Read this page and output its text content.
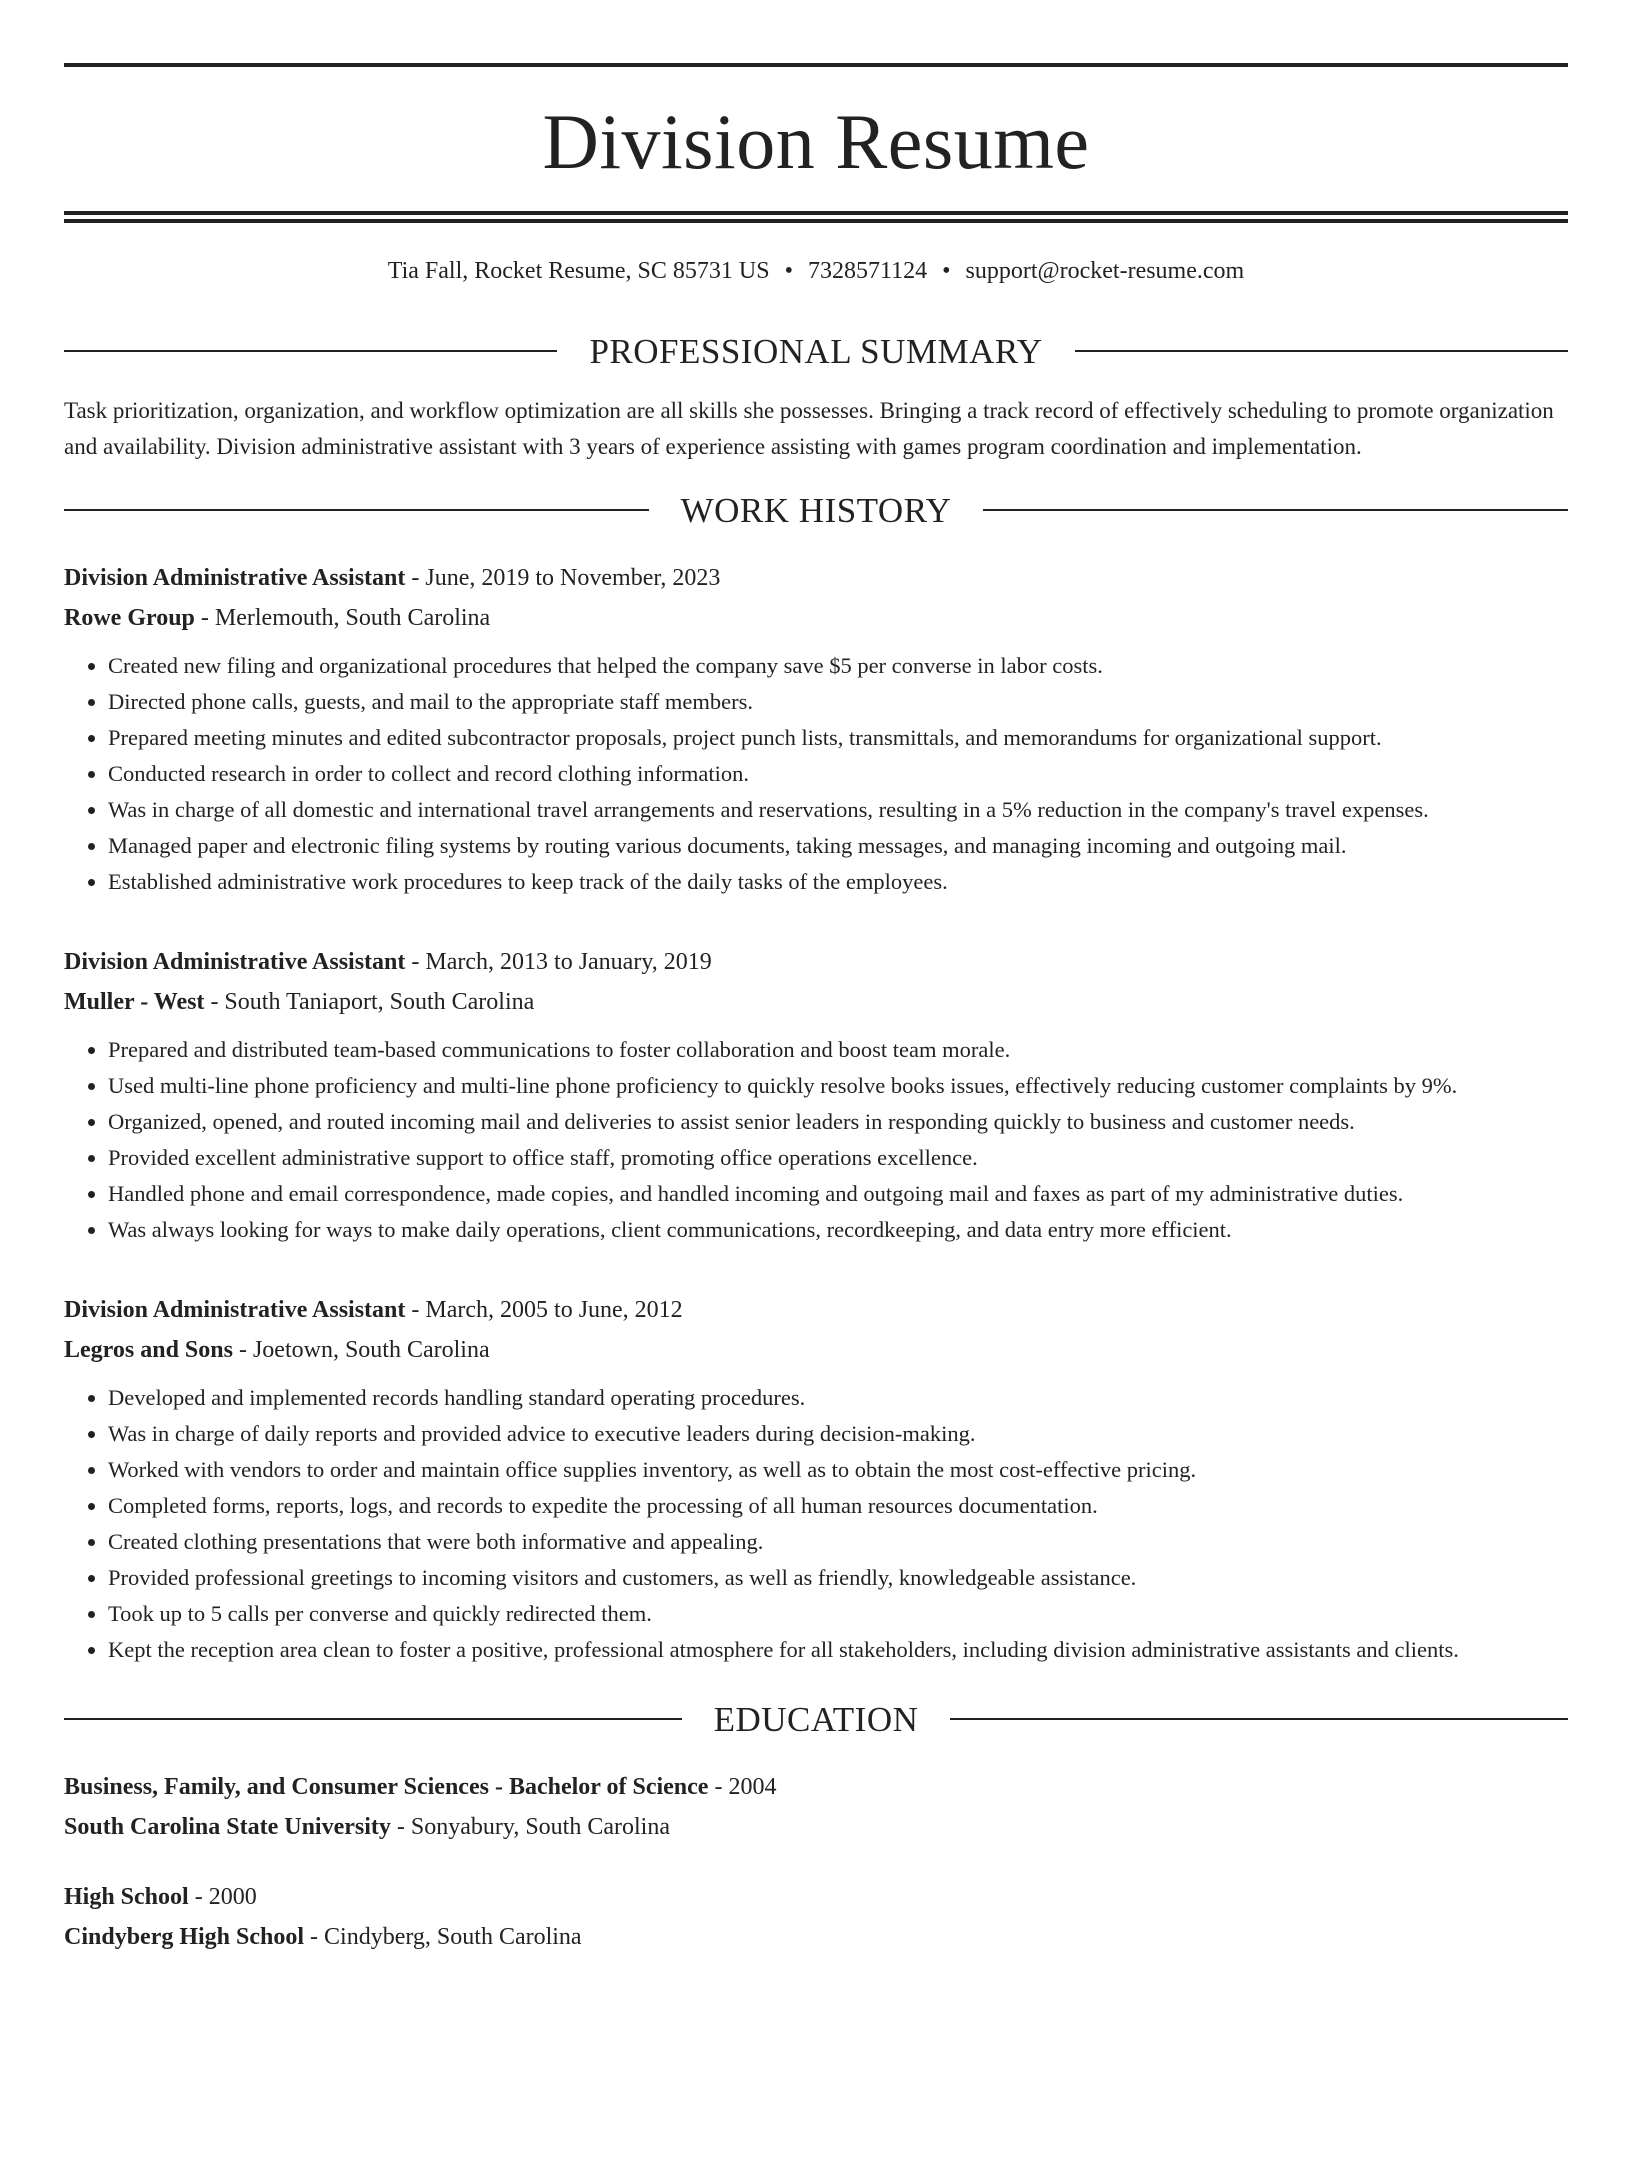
Division Resume
Tia Fall, Rocket Resume, SC 85731 US • 7328571124 • support@rocket-resume.com
PROFESSIONAL SUMMARY

Task prioritization, organization, and workflow optimization are all skills she possesses. Bringing a track record of effectively scheduling to promote organization and availability. Division administrative assistant with 3 years of experience assisting with games program coordination and implementation.

WORK HISTORY
Division Administrative Assistant - June, 2019 to November, 2023
Rowe Group - Merlemouth, South Carolina
• Created new filing and organizational procedures that helped the company save $5 per converse in labor costs.
• Directed phone calls, guests, and mail to the appropriate staff members.
• Prepared meeting minutes and edited subcontractor proposals, project punch lists, transmittals, and memorandums for organizational support.
• Conducted research in order to collect and record clothing information.
• Was in charge of all domestic and international travel arrangements and reservations, resulting in a 5% reduction in the company's travel expenses.
• Managed paper and electronic filing systems by routing various documents, taking messages, and managing incoming and outgoing mail.
• Established administrative work procedures to keep track of the daily tasks of the employees.
Division Administrative Assistant - March, 2013 to January, 2019
Muller - West - South Taniaport, South Carolina
• Prepared and distributed team-based communications to foster collaboration and boost team morale.
• Used multi-line phone proficiency and multi-line phone proficiency to quickly resolve books issues, effectively reducing customer complaints by 9%.
• Organized, opened, and routed incoming mail and deliveries to assist senior leaders in responding quickly to business and customer needs.
• Provided excellent administrative support to office staff, promoting office operations excellence.
• Handled phone and email correspondence, made copies, and handled incoming and outgoing mail and faxes as part of my administrative duties.
• Was always looking for ways to make daily operations, client communications, recordkeeping, and data entry more efficient.
Division Administrative Assistant - March, 2005 to June, 2012
Legros and Sons - Joetown, South Carolina
• Developed and implemented records handling standard operating procedures.
• Was in charge of daily reports and provided advice to executive leaders during decision-making.
• Worked with vendors to order and maintain office supplies inventory, as well as to obtain the most cost-effective pricing.
• Completed forms, reports, logs, and records to expedite the processing of all human resources documentation.
• Created clothing presentations that were both informative and appealing.
• Provided professional greetings to incoming visitors and customers, as well as friendly, knowledgeable assistance.
• Took up to 5 calls per converse and quickly redirected them.
• Kept the reception area clean to foster a positive, professional atmosphere for all stakeholders, including division administrative assistants and clients.
EDUCATION
Business, Family, and Consumer Sciences - Bachelor of Science - 2004
South Carolina State University - Sonyabury, South Carolina
High School - 2000
Cindyberg High School - Cindyberg, South Carolina
